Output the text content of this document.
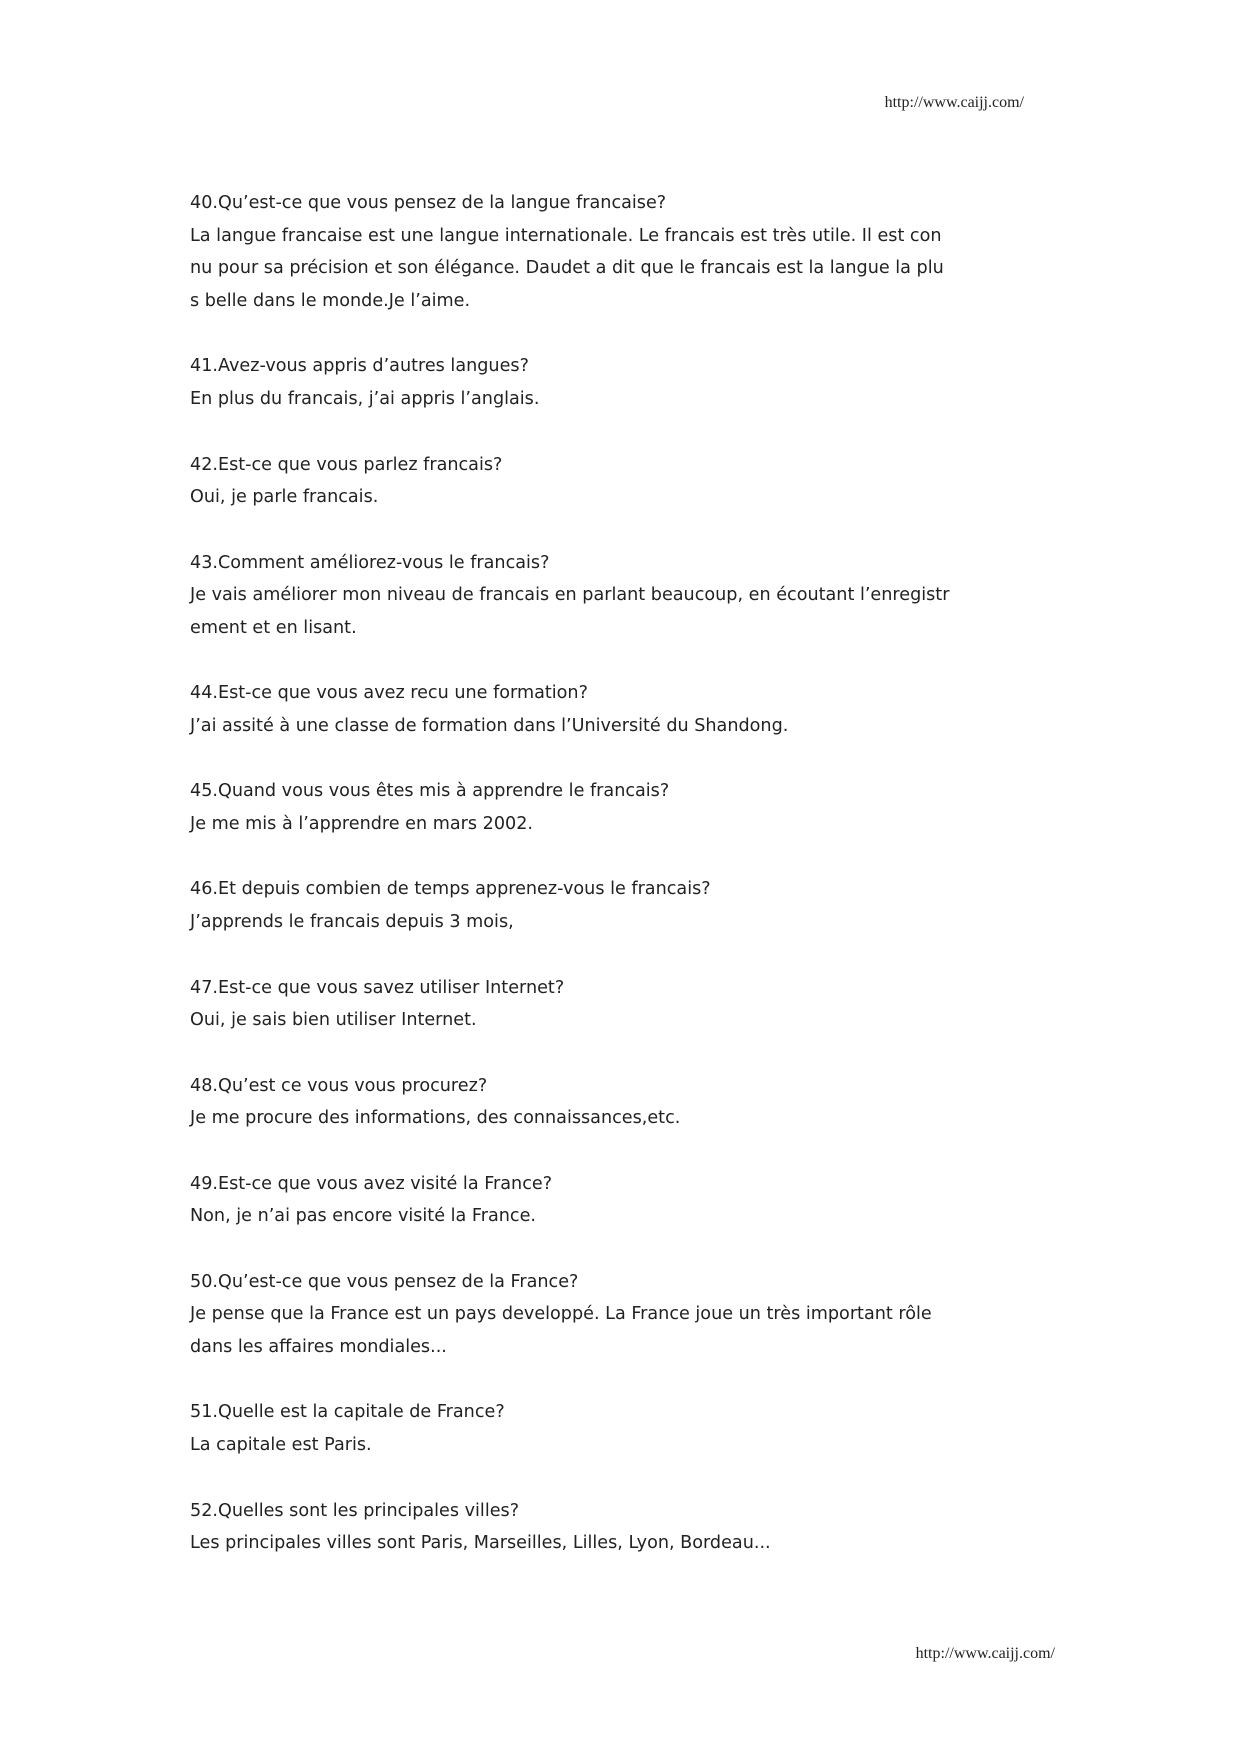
http://www.caijj.com/
40.Qu’est-ce que vous pensez de la langue francaise?
La langue francaise est une langue internationale. Le francais est très utile. Il est con
nu pour sa précision et son élégance. Daudet a dit que le francais est la langue la plu
s belle dans le monde.Je l’aime.
41.Avez-vous appris d’autres langues?
En plus du francais, j’ai appris l’anglais.
42.Est-ce que vous parlez francais?
Oui, je parle francais.
43.Comment améliorez-vous le francais?
Je vais améliorer mon niveau de francais en parlant beaucoup, en écoutant l’enregistr
ement et en lisant.
44.Est-ce que vous avez recu une formation?
J’ai assité à une classe de formation dans l’Université du Shandong.
45.Quand vous vous êtes mis à apprendre le francais?
Je me mis à l’apprendre en mars 2002.
46.Et depuis combien de temps apprenez-vous le francais?
J’apprends le francais depuis 3 mois,
47.Est-ce que vous savez utiliser Internet?
Oui, je sais bien utiliser Internet.
48.Qu’est ce vous vous procurez?
Je me procure des informations, des connaissances,etc.
49.Est-ce que vous avez visité la France?
Non, je n’ai pas encore visité la France.
50.Qu’est-ce que vous pensez de la France?
Je pense que la France est un pays developpé. La France joue un très important rôle
dans les affaires mondiales...
51.Quelle est la capitale de France?
La capitale est Paris.
52.Quelles sont les principales villes?
Les principales villes sont Paris, Marseilles, Lilles, Lyon, Bordeau...
http://www.caijj.com/
